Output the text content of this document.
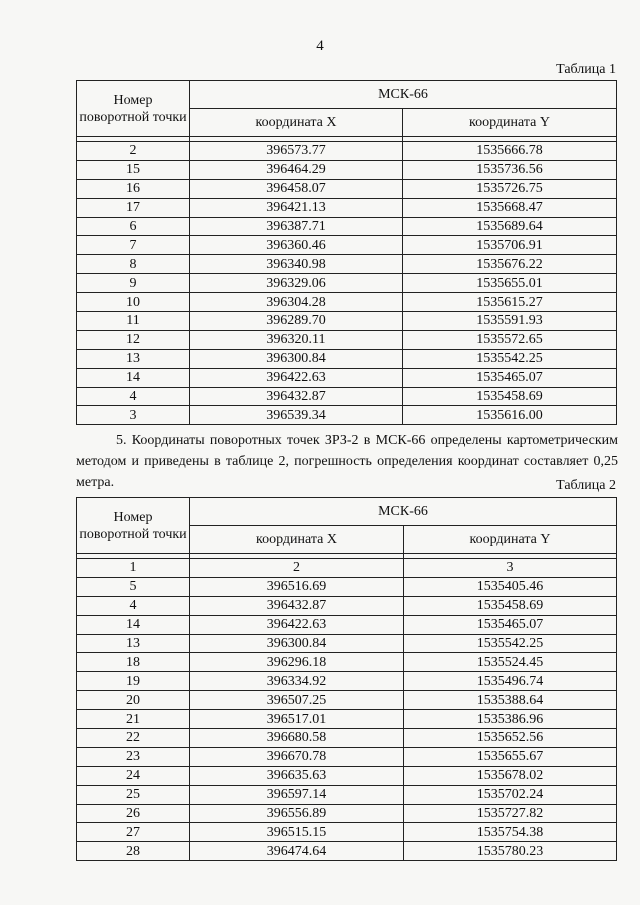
4
Таблица 1
Номер поворотной точки	МСК-66	
	координата X	координата Y

2	396573.77	1535666.78
15	396464.29	1535736.56
16	396458.07	1535726.75
17	396421.13	1535668.47
6	396387.71	1535689.64
7	396360.46	1535706.91
8	396340.98	1535676.22
9	396329.06	1535655.01
10	396304.28	1535615.27
11	396289.70	1535591.93
12	396320.11	1535572.65
13	396300.84	1535542.25
14	396422.63	1535465.07
4	396432.87	1535458.69
3	396539.34	1535616.00
5. Координаты поворотных точек ЗРЗ-2 в МСК-66 определены картометрическим методом и приведены в таблице 2, погрешность определения координат составляет 0,25 метра.	Таблица 2
Номер поворотной точки	МСК-66	
	координата X	координата Y

1	2	3
5	396516.69	1535405.46
4	396432.87	1535458.69
14	396422.63	1535465.07
13	396300.84	1535542.25
18	396296.18	1535524.45
19	396334.92	1535496.74
20	396507.25	1535388.64
21	396517.01	1535386.96
22	396680.58	1535652.56
23	396670.78	1535655.67
24	396635.63	1535678.02
25	396597.14	1535702.24
26	396556.89	1535727.82
27	396515.15	1535754.38
28	396474.64	1535780.23
